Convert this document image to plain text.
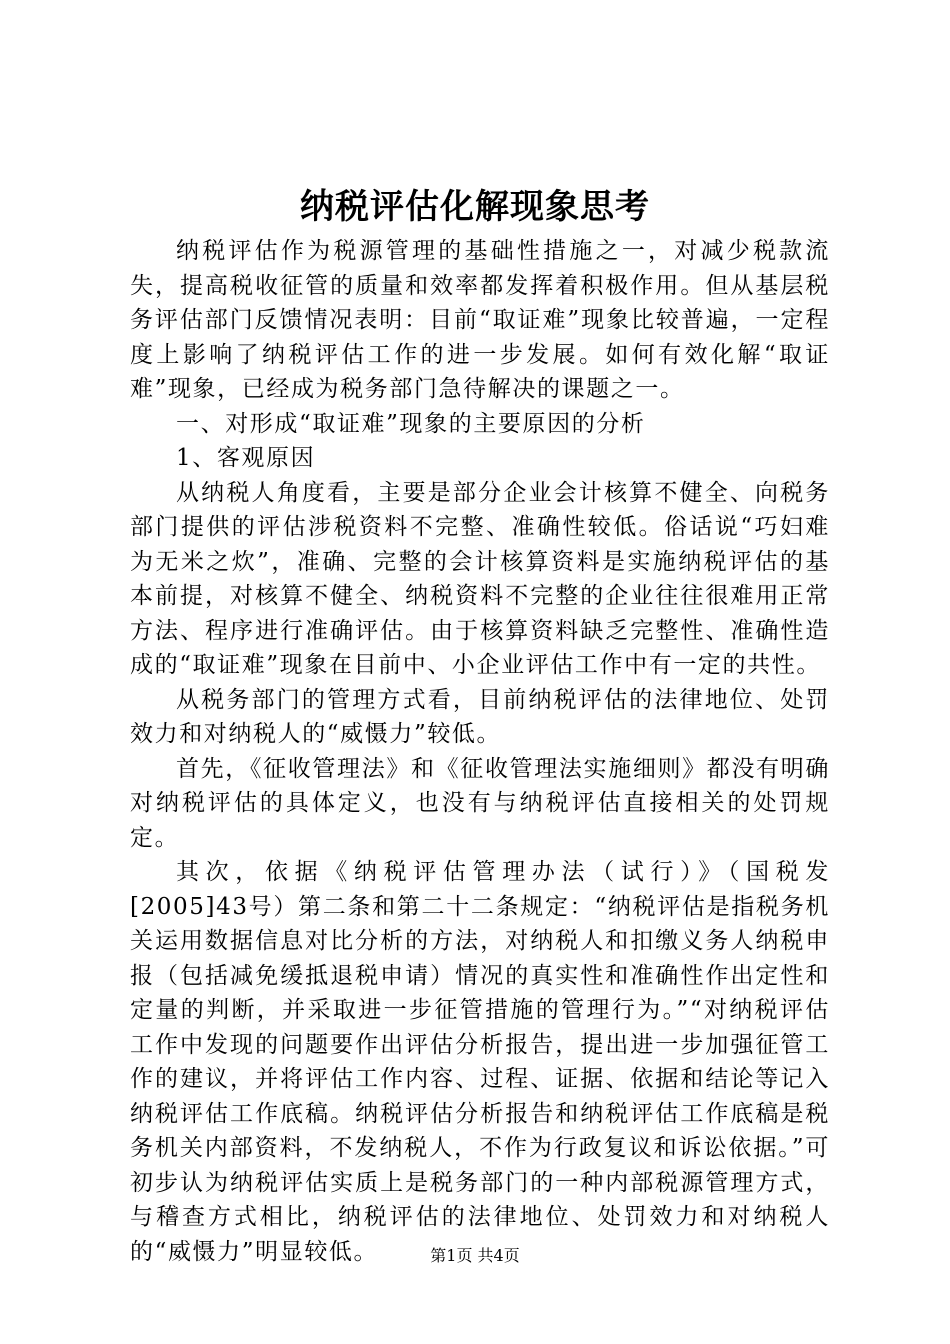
纳税评估化解现象思考

纳税评估作为税源管理的基础性措施之一，对减少税款流失，提高税收征管的质量和效率都发挥着积极作用。但从基层税务评估部门反馈情况表明：目前“取证难”现象比较普遍，一定程度上影响了纳税评估工作的进一步发展。如何有效化解“取证难”现象，已经成为税务部门急待解决的课题之一。

一、对形成“取证难”现象的主要原因的分析

1、客观原因

从纳税人角度看，主要是部分企业会计核算不健全、向税务部门提供的评估涉税资料不完整、准确性较低。俗话说“巧妇难为无米之炊”，准确、完整的会计核算资料是实施纳税评估的基本前提，对核算不健全、纳税资料不完整的企业往往很难用正常方法、程序进行准确评估。由于核算资料缺乏完整性、准确性造成的“取证难”现象在目前中、小企业评估工作中有一定的共性。

从税务部门的管理方式看，目前纳税评估的法律地位、处罚效力和对纳税人的“威慑力”较低。

首先，《征收管理法》和《征收管理法实施细则》都没有明确对纳税评估的具体定义，也没有与纳税评估直接相关的处罚规定。

其次，依据《纳税评估管理办法（试行）》（国税发[2005]43号）第二条和第二十二条规定：“纳税评估是指税务机关运用数据信息对比分析的方法，对纳税人和扣缴义务人纳税申报（包括减免缓抵退税申请）情况的真实性和准确性作出定性和定量的判断，并采取进一步征管措施的管理行为。”“对纳税评估工作中发现的问题要作出评估分析报告，提出进一步加强征管工作的建议，并将评估工作内容、过程、证据、依据和结论等记入纳税评估工作底稿。纳税评估分析报告和纳税评估工作底稿是税务机关内部资料，不发纳税人，不作为行政复议和诉讼依据。”可初步认为纳税评估实质上是税务部门的一种内部税源管理方式，与稽查方式相比，纳税评估的法律地位、处罚效力和对纳税人的“威慑力”明显较低。	第1页 共4页
